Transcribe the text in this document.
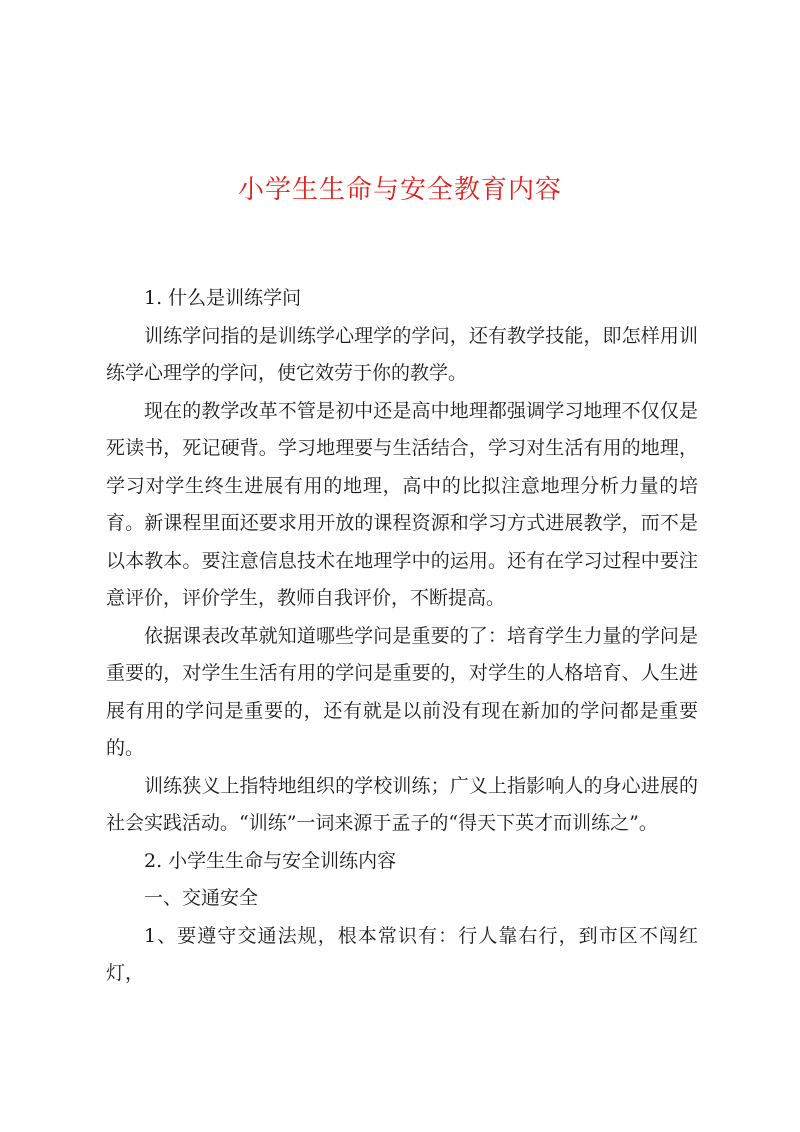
小学生生命与安全教育内容

1. 什么是训练学问

训练学问指的是训练学心理学的学问，还有教学技能，即怎样用训练学心理学的学问，使它效劳于你的教学。

现在的教学改革不管是初中还是高中地理都强调学习地理不仅仅是死读书，死记硬背。学习地理要与生活结合，学习对生活有用的地理，学习对学生终生进展有用的地理，高中的比拟注意地理分析力量的培育。新课程里面还要求用开放的课程资源和学习方式进展教学，而不是以本教本。要注意信息技术在地理学中的运用。还有在学习过程中要注意评价，评价学生，教师自我评价，不断提高。

依据课表改革就知道哪些学问是重要的了：培育学生力量的学问是重要的，对学生生活有用的学问是重要的，对学生的人格培育、人生进展有用的学问是重要的，还有就是以前没有现在新加的学问都是重要的。

训练狭义上指特地组织的学校训练；广义上指影响人的身心进展的社会实践活动。“训练”一词来源于孟子的“得天下英才而训练之”。

2. 小学生生命与安全训练内容

一、交通安全

1、要遵守交通法规，根本常识有：行人靠右行，到市区不闯红灯，
